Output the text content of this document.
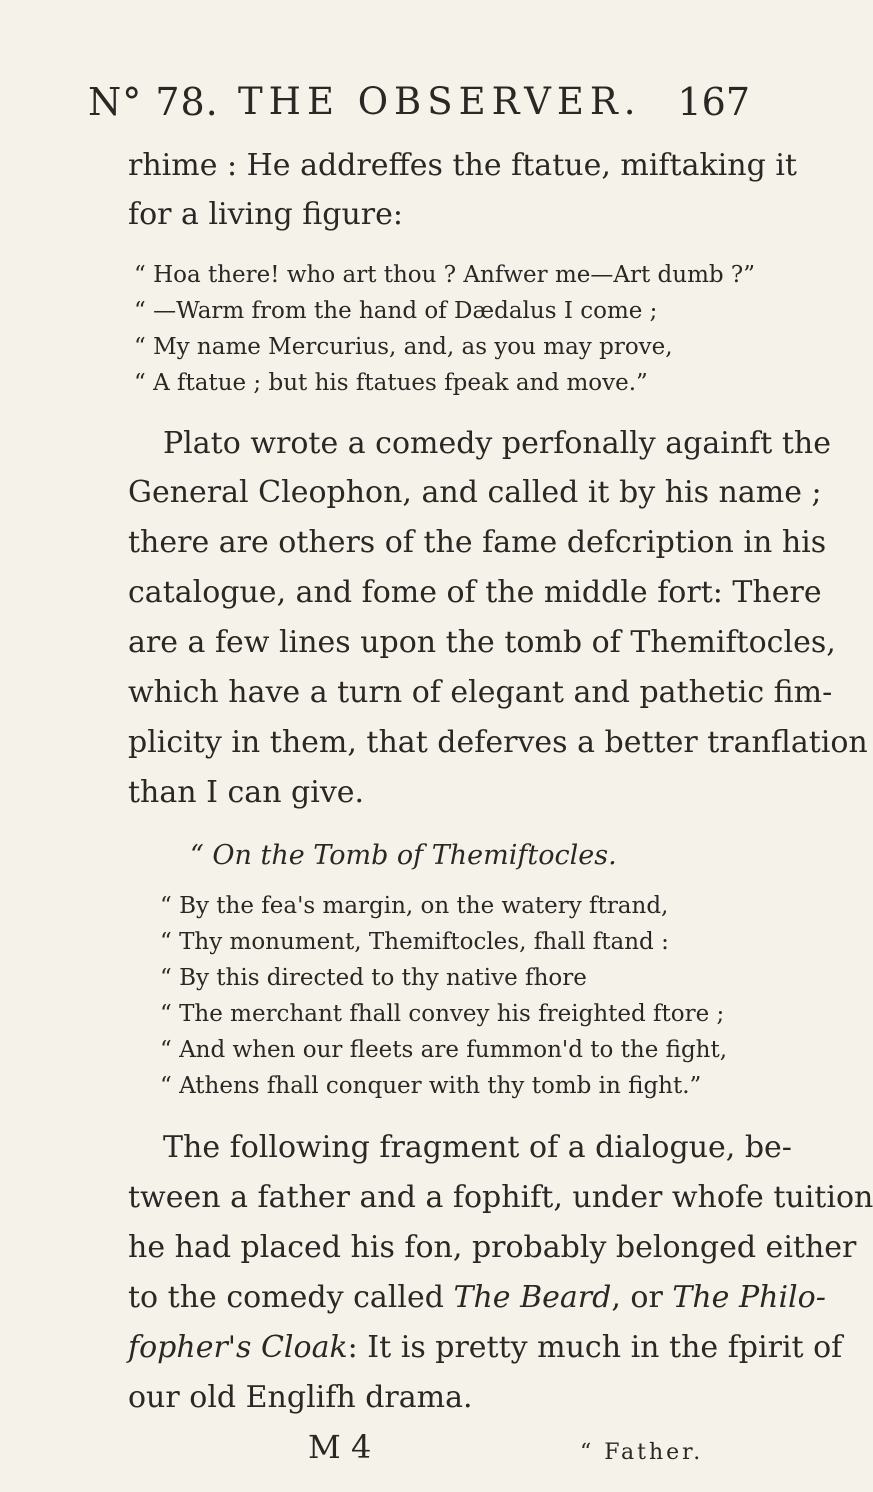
N° 78. THE OBSERVER. 167
rhime : He addreffes the ftatue, miftaking it
for a living figure:
“ Hoa there! who art thou ? Anfwer me—Art dumb ?”
“ —Warm from the hand of Dædalus I come ;
“ My name Mercurius, and, as you may prove,
“ A ftatue ; but his ftatues fpeak and move.”
Plato wrote a comedy perfonally againft the
General Cleophon, and called it by his name ;
there are others of the fame defcription in his
catalogue, and fome of the middle fort: There
are a few lines upon the tomb of Themiftocles,
which have a turn of elegant and pathetic fim-
plicity in them, that deferves a better tranflation
than I can give.
“ On the Tomb of Themiftocles.
“ By the fea's margin, on the watery ftrand,
“ Thy monument, Themiftocles, fhall ftand :
“ By this directed to thy native fhore
“ The merchant fhall convey his freighted ftore ;
“ And when our fleets are fummon'd to the fight,
“ Athens fhall conquer with thy tomb in fight.”
The following fragment of a dialogue, be-
tween a father and a fophift, under whofe tuition
he had placed his fon, probably belonged either
to the comedy called The Beard, or The Philo-
fopher's Cloak: It is pretty much in the fpirit of
our old Englifh drama.
M 4	“ Father.
